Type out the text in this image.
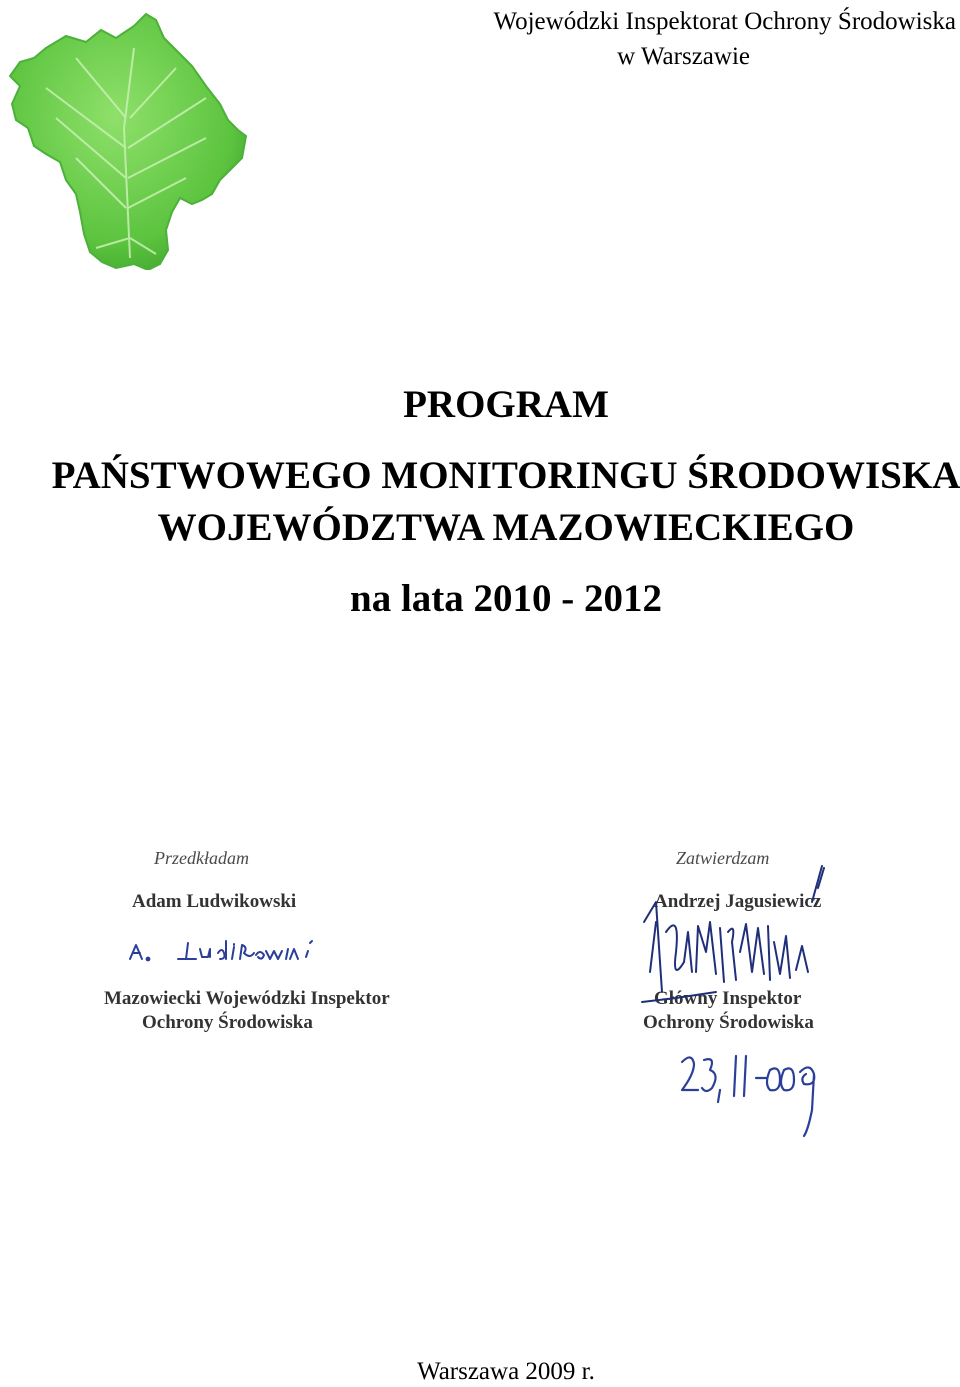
Wojewódzki Inspektorat Ochrony Środowiska
w Warszawie
PROGRAM
PAŃSTWOWEGO MONITORINGU ŚRODOWISKA
WOJEWÓDZTWA MAZOWIECKIEGO
na lata 2010 - 2012
Przedkładam
Adam Ludwikowski
Mazowiecki Wojewódzki Inspektor
Ochrony Środowiska
Zatwierdzam
Andrzej Jagusiewicz
Główny Inspektor
Ochrony Środowiska
Warszawa 2009 r.
